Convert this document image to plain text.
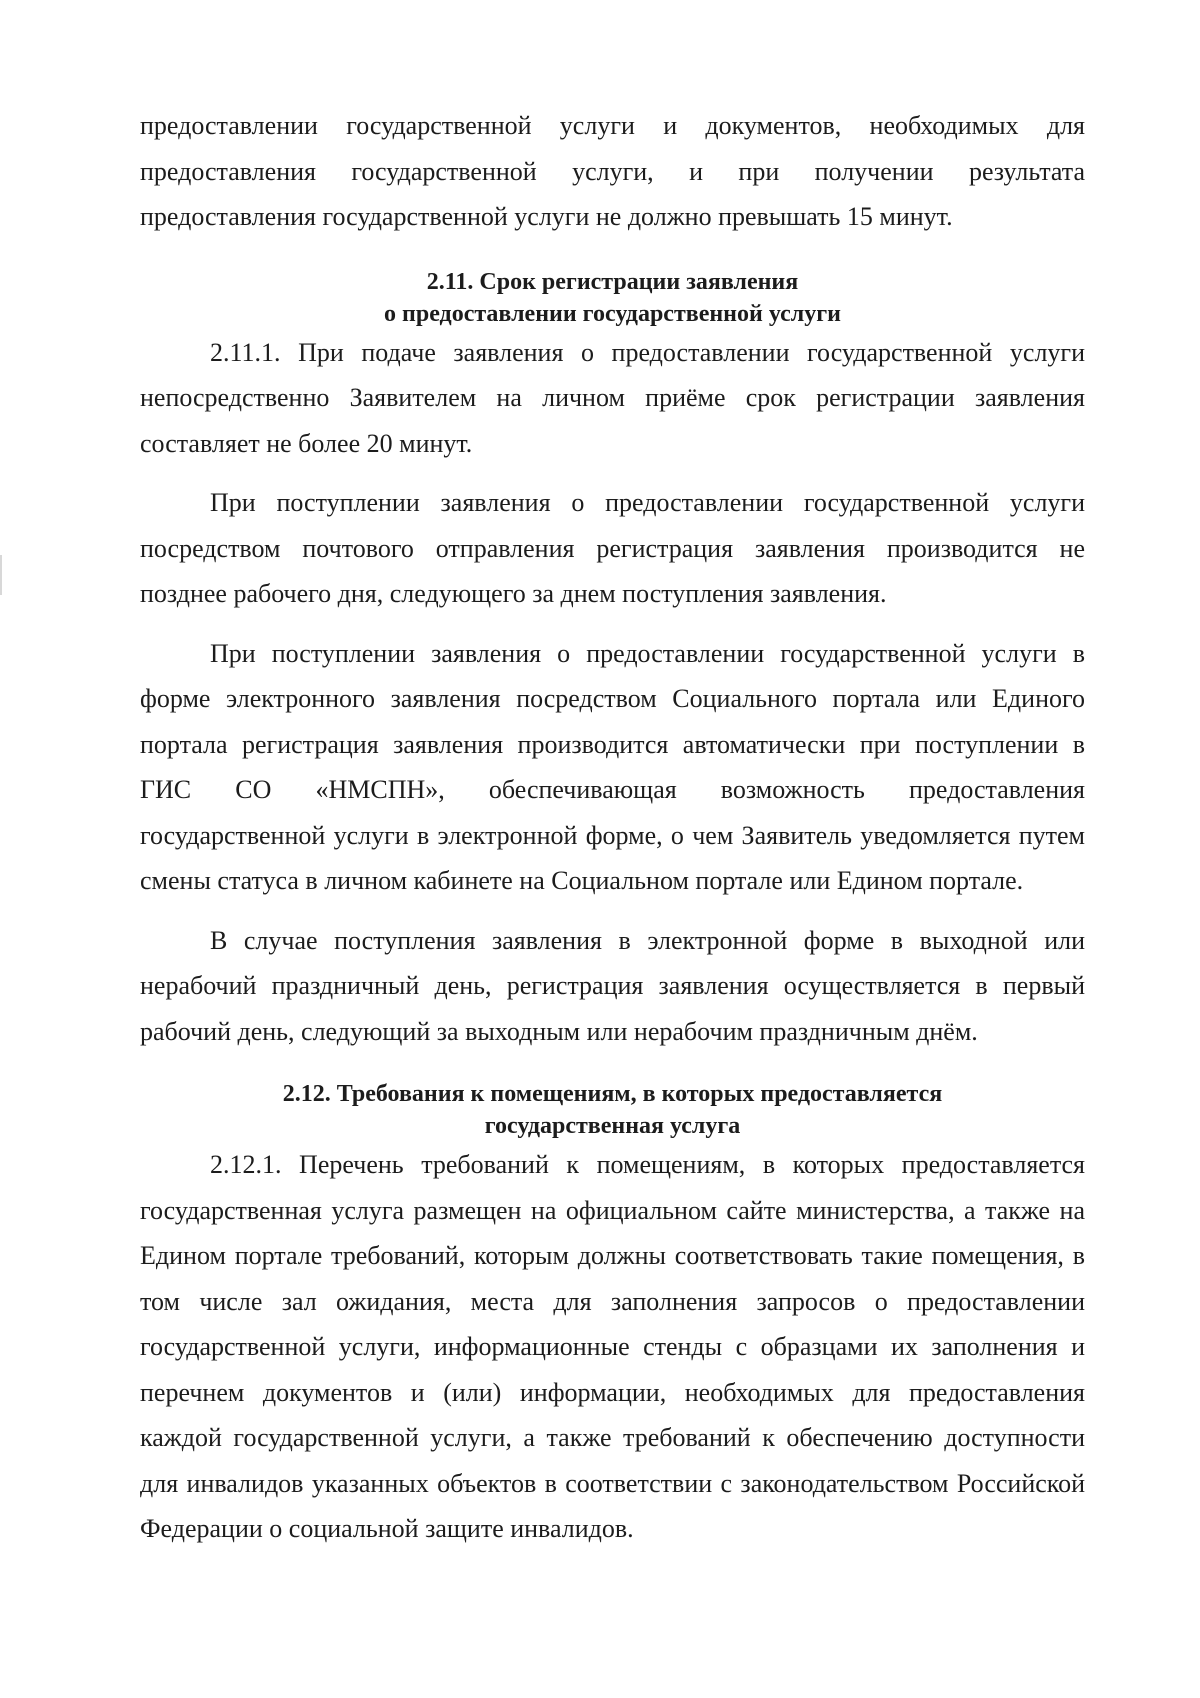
предоставлении государственной услуги и документов, необходимых для предоставления государственной услуги, и при получении результата предоставления государственной услуги не должно превышать 15 минут.

2.11. Срок регистрации заявления
о предоставлении государственной услуги

2.11.1. При подаче заявления о предоставлении государственной услуги непосредственно Заявителем на личном приёме срок регистрации заявления составляет не более 20 минут.

При поступлении заявления о предоставлении государственной услуги посредством почтового отправления регистрация заявления производится не позднее рабочего дня, следующего за днем поступления заявления.

При поступлении заявления о предоставлении государственной услуги в форме электронного заявления посредством Социального портала или Единого портала регистрация заявления производится автоматически при поступлении в ГИС СО «НМСПН», обеспечивающая возможность предоставления государственной услуги в электронной форме, о чем Заявитель уведомляется путем смены статуса в личном кабинете на Социальном портале или Едином портале.

В случае поступления заявления в электронной форме в выходной или нерабочий праздничный день, регистрация заявления осуществляется в первый рабочий день, следующий за выходным или нерабочим праздничным днём.

2.12. Требования к помещениям, в которых предоставляется
государственная услуга

2.12.1. Перечень требований к помещениям, в которых предоставляется государственная услуга размещен на официальном сайте министерства, а также на Едином портале требований, которым должны соответствовать такие помещения, в том числе зал ожидания, места для заполнения запросов о предоставлении государственной услуги, информационные стенды с образцами их заполнения и перечнем документов и (или) информации, необходимых для предоставления каждой государственной услуги, а также требований к обеспечению доступности для инвалидов указанных объектов в соответствии с законодательством Российской Федерации о социальной защите инвалидов.
